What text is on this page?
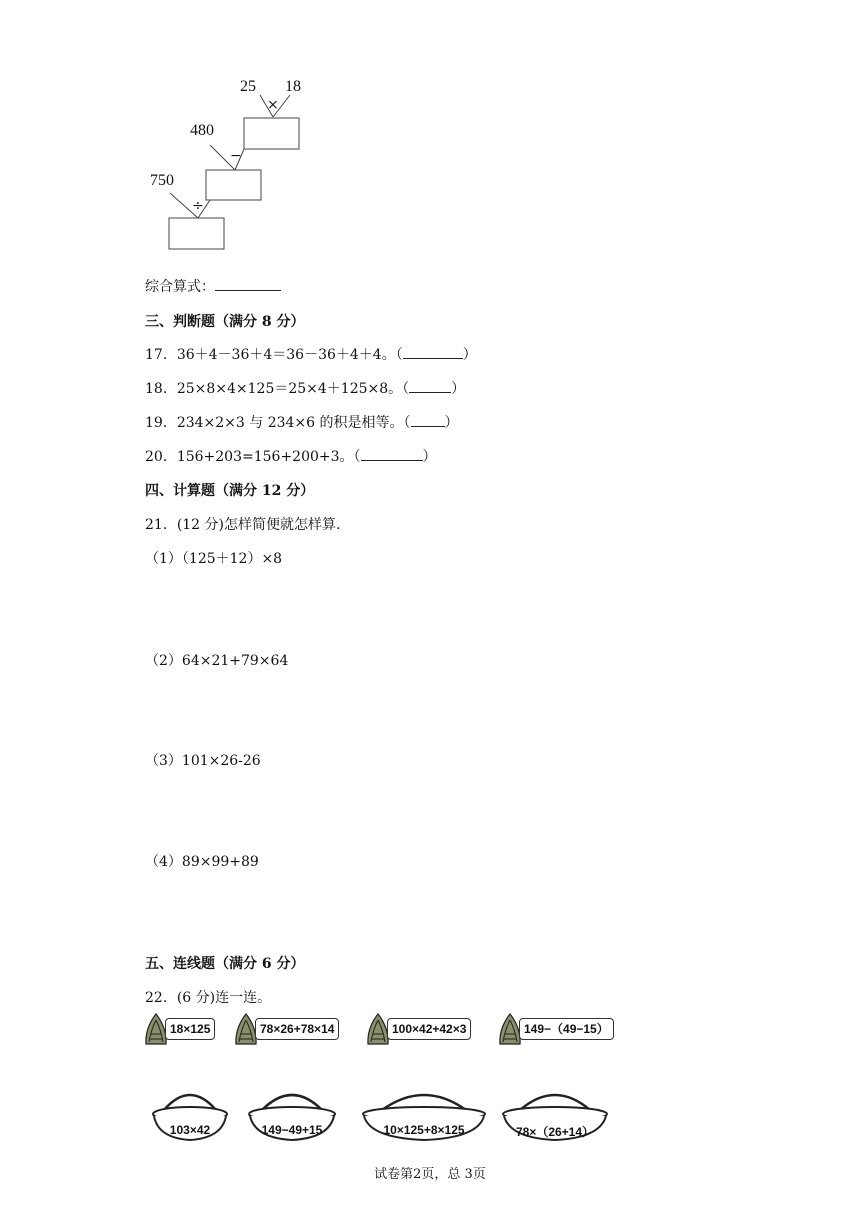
25 18
×
480
−
750
÷
综合算式：
三、判断题（满分 8 分）
17．36＋4－36＋4＝36－36＋4＋4。（	）
18．25×8×4×125＝25×4＋125×8。（	）
19．234×2×3 与 234×6 的积是相等。（ ）
20．156+203=156+200+3。（	）
四、计算题（满分 12 分）
21．(12 分)怎样简便就怎样算.
（1）（125＋12）×8
（2）64×21+79×64
（3）101×26-26
（4）89×99+89
五、连线题（满分 6 分）
22．(6 分)连一连。
18×125	78×26+78×14	100×42+42×3	149−（49−15）
103×42	149−49+15	10×125+8×125	78×（26+14）
试卷第2页，总 3页
